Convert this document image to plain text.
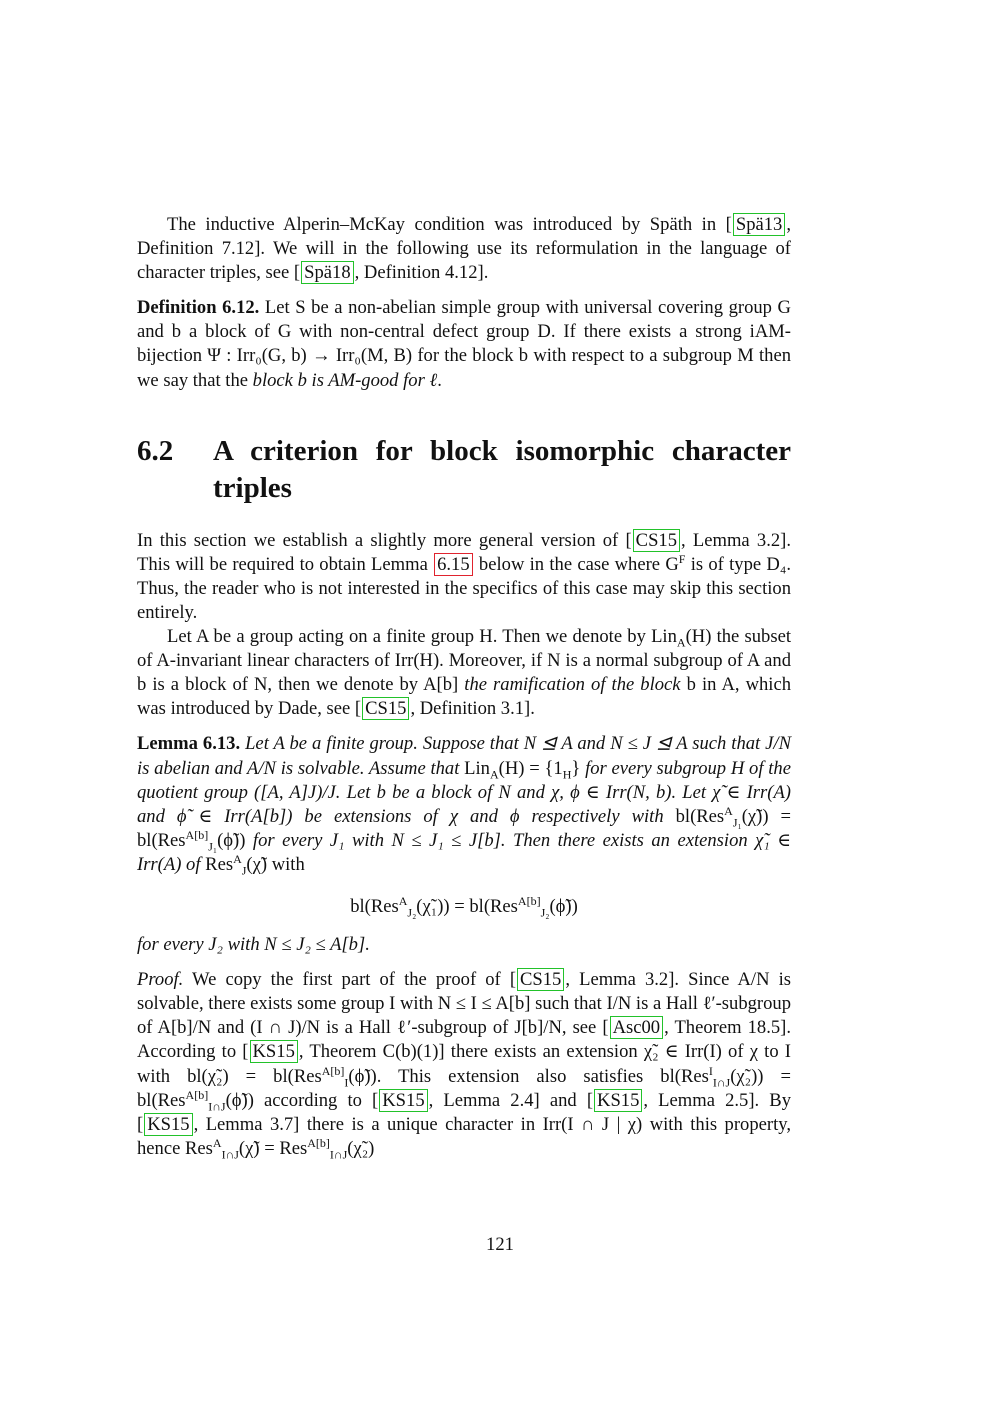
The inductive Alperin–McKay condition was introduced by Späth in [ Spä13 , Definition 7.12]. We will in the following use its reformulation in the language of character triples, see [ Spä18 , Definition 4.12].

Definition 6.12. Let S be a non-abelian simple group with universal covering group G and b a block of G with non-central defect group D. If there exists a strong iAM-bijection Ψ : Irr₀(G, b) → Irr₀(M, B) for the block b with respect to a subgroup M then we say that the block b is AM-good for ℓ.

6.2	A criterion for block isomorphic character triples

In this section we establish a slightly more general version of [ CS15 , Lemma 3.2]. This will be required to obtain Lemma 6.15 below in the case where $G^F$ is of type D₄. Thus, the reader who is not interested in the specifics of this case may skip this section entirely.

Let A be a group acting on a finite group H. Then we denote by Lin$_A$(H) the subset of A-invariant linear characters of Irr(H). Moreover, if N is a normal subgroup of A and b is a block of N, then we denote by A[b] the ramification of the block b in A, which was introduced by Dade, see [ CS15 , Definition 3.1].

Lemma 6.13. Let A be a finite group. Suppose that N ⊴ A and N ≤ J ⊴ A such that J/N is abelian and A/N is solvable. Assume that $Lin_A(H) = \{1_H\}$ for every subgroup H of the quotient group ([A, A]J)/J. Let b be a block of N and χ, ϕ ∈ Irr(N, b). Let χ̃ ∈ Irr(A) and ϕ̃ ∈ Irr(A[b]) be extensions of χ and ϕ respectively with bl(Res$^A_{J_1}$(χ̃)) = bl(Res$^{A[b]}_{J_1}$(ϕ̃)) for every J₁ with N ≤ J₁ ≤ J[b]. Then there exists an extension χ̃₁ ∈ Irr(A) of Res$^A_J$(χ̃) with

bl(Res$^A_{J_2}$(χ̃₁)) = bl(Res$^{A[b]}_{J_2}$(ϕ̃))

for every J₂ with N ≤ J₂ ≤ A[b].

Proof. We copy the first part of the proof of [ CS15 , Lemma 3.2]. Since A/N is solvable, there exists some group I with N ≤ I ≤ A[b] such that I/N is a Hall ℓ′-subgroup of A[b]/N and (I ∩ J)/N is a Hall ℓ′-subgroup of J[b]/N, see [ Asc00 , Theorem 18.5]. According to [ KS15 , Theorem C(b)(1)] there exists an extension χ̃₂ ∈ Irr(I) of χ to I with bl(χ̃₂) = bl(Res$^{A[b]}_I$(ϕ̃)). This extension also satisfies bl(Res$^I_{I\cap J}$(χ̃₂)) = bl(Res$^{A[b]}_{I\cap J}$(ϕ̃)) according to [ KS15 , Lemma 2.4] and [ KS15 , Lemma 2.5]. By [ KS15 , Lemma 3.7] there is a unique character in Irr(I ∩ J | χ) with this property, hence Res$^A_{I\cap J}$(χ̃) = Res$^{A[b]}_{I\cap J}$(χ̃₂)

121
